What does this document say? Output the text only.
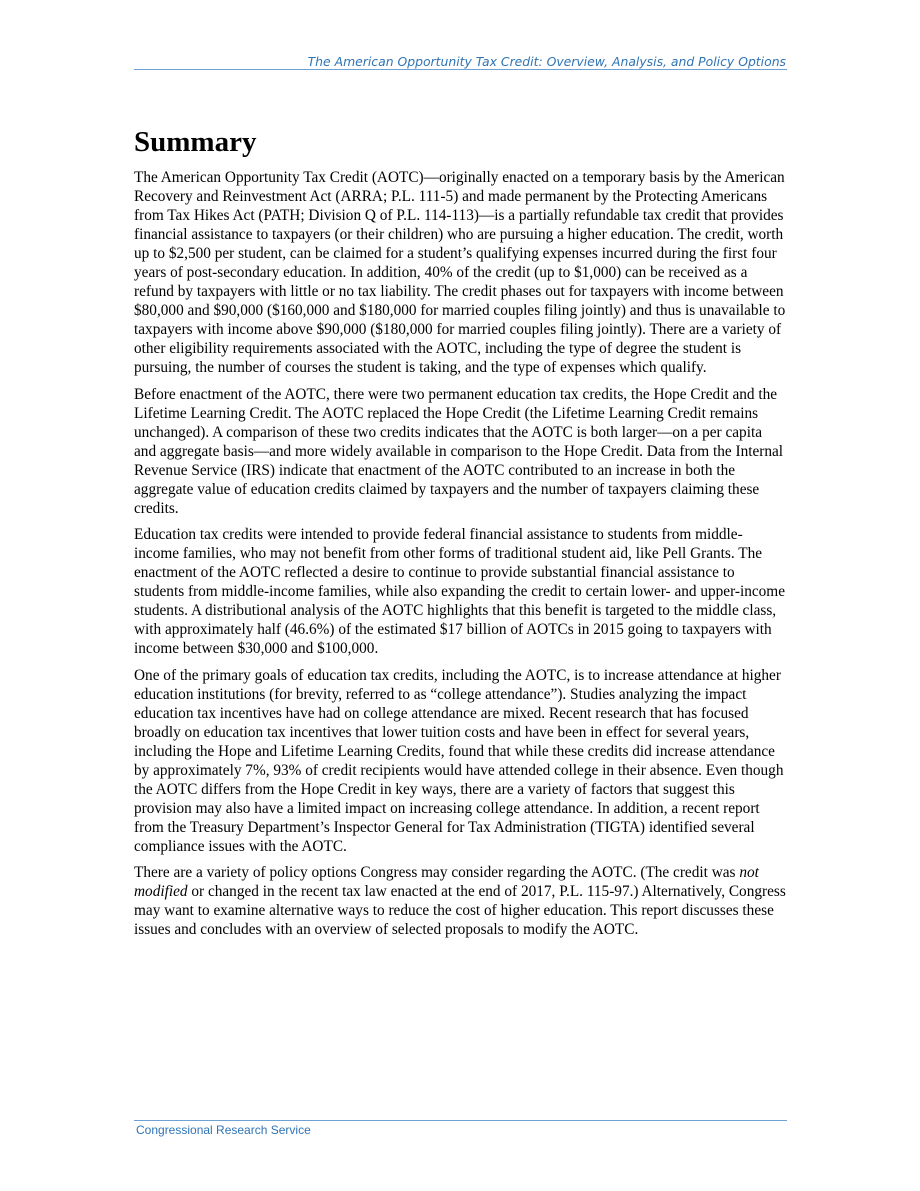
The American Opportunity Tax Credit: Overview, Analysis, and Policy Options
Summary

The American Opportunity Tax Credit (AOTC)—originally enacted on a temporary basis by the American Recovery and Reinvestment Act (ARRA; P.L. 111-5) and made permanent by the Protecting Americans from Tax Hikes Act (PATH; Division Q of P.L. 114-113)—is a partially refundable tax credit that provides financial assistance to taxpayers (or their children) who are pursuing a higher education. The credit, worth up to $2,500 per student, can be claimed for a student’s qualifying expenses incurred during the first four years of post-secondary education. In addition, 40% of the credit (up to $1,000) can be received as a refund by taxpayers with little or no tax liability. The credit phases out for taxpayers with income between $80,000 and $90,000 ($160,000 and $180,000 for married couples filing jointly) and thus is unavailable to taxpayers with income above $90,000 ($180,000 for married couples filing jointly). There are a variety of other eligibility requirements associated with the AOTC, including the type of degree the student is pursuing, the number of courses the student is taking, and the type of expenses which qualify.

Before enactment of the AOTC, there were two permanent education tax credits, the Hope Credit and the Lifetime Learning Credit. The AOTC replaced the Hope Credit (the Lifetime Learning Credit remains unchanged). A comparison of these two credits indicates that the AOTC is both larger—on a per capita and aggregate basis—and more widely available in comparison to the Hope Credit. Data from the Internal Revenue Service (IRS) indicate that enactment of the AOTC contributed to an increase in both the aggregate value of education credits claimed by taxpayers and the number of taxpayers claiming these credits.

Education tax credits were intended to provide federal financial assistance to students from middle-income families, who may not benefit from other forms of traditional student aid, like Pell Grants. The enactment of the AOTC reflected a desire to continue to provide substantial financial assistance to students from middle-income families, while also expanding the credit to certain lower- and upper-income students. A distributional analysis of the AOTC highlights that this benefit is targeted to the middle class, with approximately half (46.6%) of the estimated $17 billion of AOTCs in 2015 going to taxpayers with income between $30,000 and $100,000.

One of the primary goals of education tax credits, including the AOTC, is to increase attendance at higher education institutions (for brevity, referred to as “college attendance”). Studies analyzing the impact education tax incentives have had on college attendance are mixed. Recent research that has focused broadly on education tax incentives that lower tuition costs and have been in effect for several years, including the Hope and Lifetime Learning Credits, found that while these credits did increase attendance by approximately 7%, 93% of credit recipients would have attended college in their absence. Even though the AOTC differs from the Hope Credit in key ways, there are a variety of factors that suggest this provision may also have a limited impact on increasing college attendance. In addition, a recent report from the Treasury Department’s Inspector General for Tax Administration (TIGTA) identified several compliance issues with the AOTC.

There are a variety of policy options Congress may consider regarding the AOTC. (The credit was not modified or changed in the recent tax law enacted at the end of 2017, P.L. 115-97.) Alternatively, Congress may want to examine alternative ways to reduce the cost of higher education. This report discusses these issues and concludes with an overview of selected proposals to modify the AOTC.

Congressional Research Service
